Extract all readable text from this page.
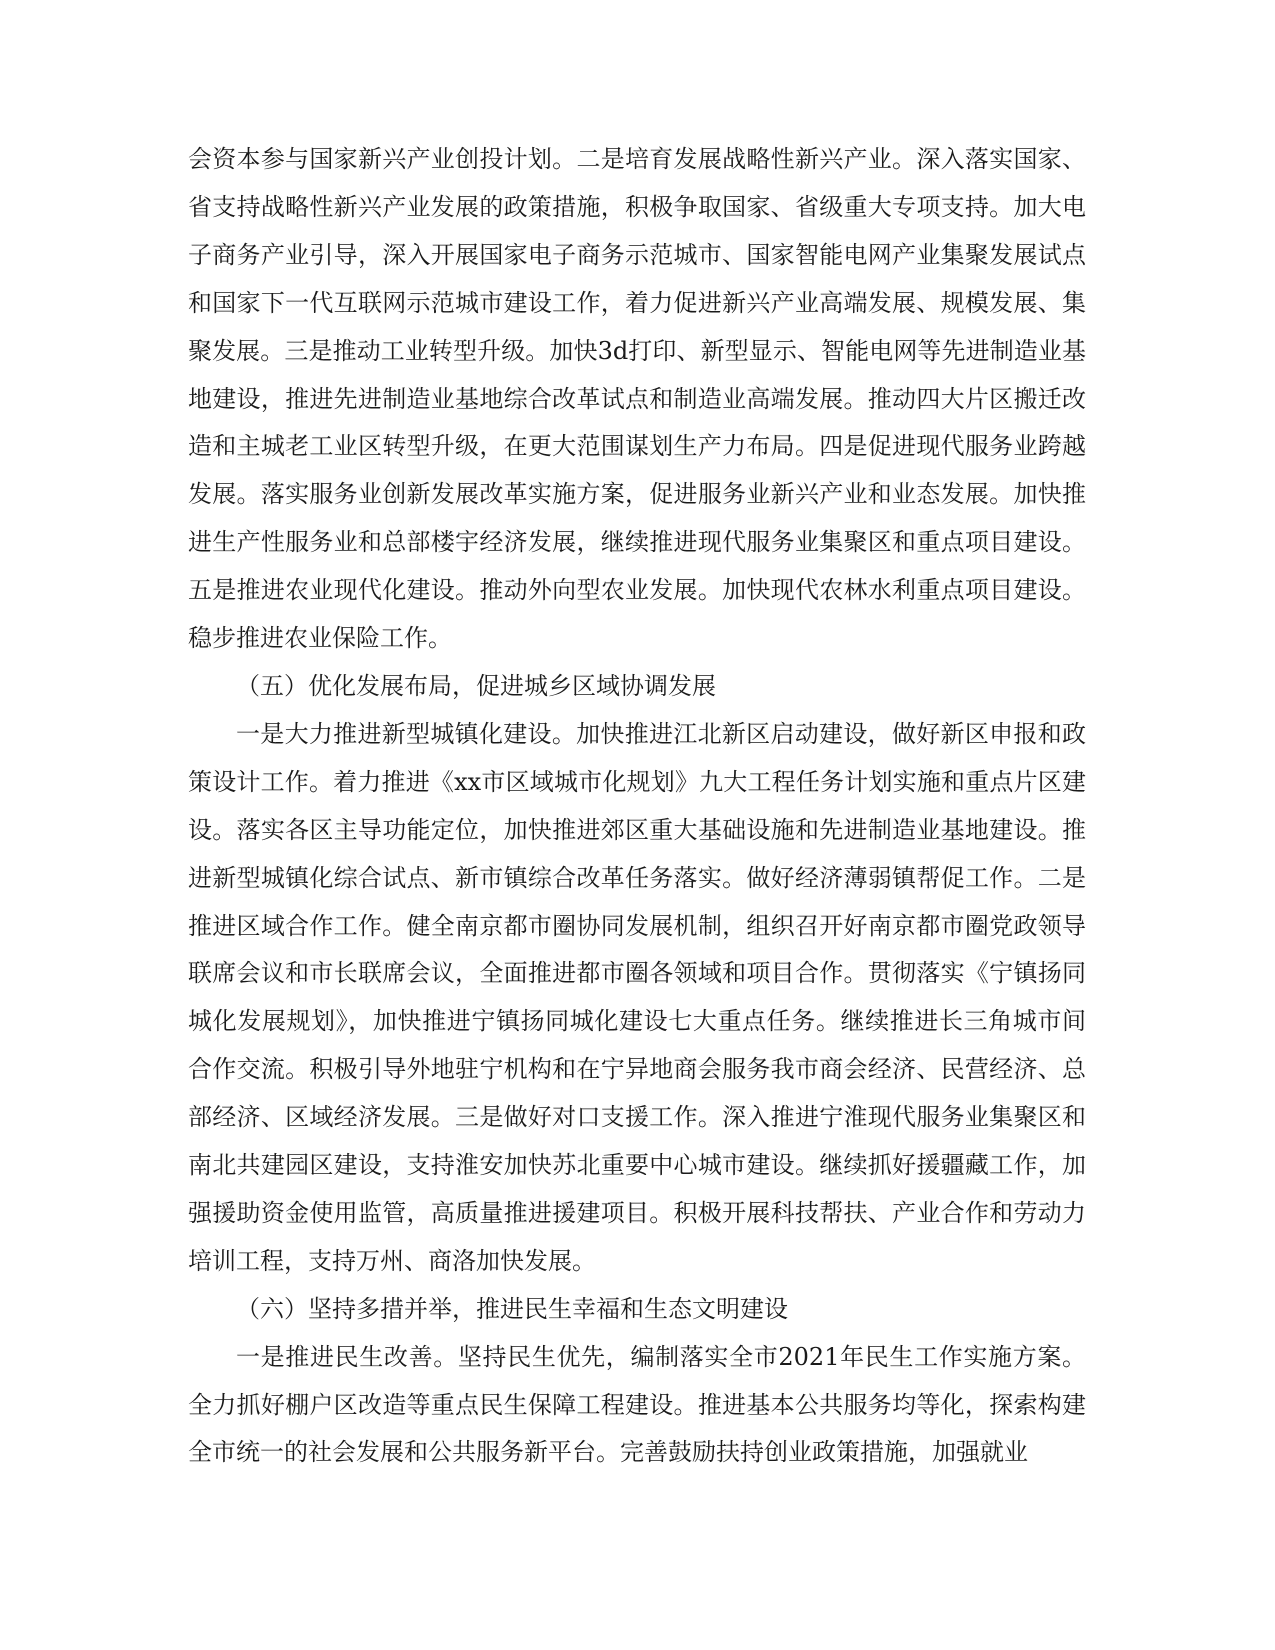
会资本参与国家新兴产业创投计划。二是培育发展战略性新兴产业。深入落实国家、省支持战略性新兴产业发展的政策措施，积极争取国家、省级重大专项支持。加大电子商务产业引导，深入开展国家电子商务示范城市、国家智能电网产业集聚发展试点和国家下一代互联网示范城市建设工作，着力促进新兴产业高端发展、规模发展、集聚发展。三是推动工业转型升级。加快3d打印、新型显示、智能电网等先进制造业基地建设，推进先进制造业基地综合改革试点和制造业高端发展。推动四大片区搬迁改造和主城老工业区转型升级，在更大范围谋划生产力布局。四是促进现代服务业跨越发展。落实服务业创新发展改革实施方案，促进服务业新兴产业和业态发展。加快推进生产性服务业和总部楼宇经济发展，继续推进现代服务业集聚区和重点项目建设。五是推进农业现代化建设。推动外向型农业发展。加快现代农林水利重点项目建设。稳步推进农业保险工作。

（五）优化发展布局，促进城乡区域协调发展

一是大力推进新型城镇化建设。加快推进江北新区启动建设，做好新区申报和政策设计工作。着力推进《xx市区域城市化规划》九大工程任务计划实施和重点片区建设。落实各区主导功能定位，加快推进郊区重大基础设施和先进制造业基地建设。推进新型城镇化综合试点、新市镇综合改革任务落实。做好经济薄弱镇帮促工作。二是推进区域合作工作。健全南京都市圈协同发展机制，组织召开好南京都市圈党政领导联席会议和市长联席会议，全面推进都市圈各领域和项目合作。贯彻落实《宁镇扬同城化发展规划》，加快推进宁镇扬同城化建设七大重点任务。继续推进长三角城市间合作交流。积极引导外地驻宁机构和在宁异地商会服务我市商会经济、民营经济、总部经济、区域经济发展。三是做好对口支援工作。深入推进宁淮现代服务业集聚区和南北共建园区建设，支持淮安加快苏北重要中心城市建设。继续抓好援疆藏工作，加强援助资金使用监管，高质量推进援建项目。积极开展科技帮扶、产业合作和劳动力培训工程，支持万州、商洛加快发展。

（六）坚持多措并举，推进民生幸福和生态文明建设

一是推进民生改善。坚持民生优先，编制落实全市2021年民生工作实施方案。全力抓好棚户区改造等重点民生保障工程建设。推进基本公共服务均等化，探索构建全市统一的社会发展和公共服务新平台。完善鼓励扶持创业政策措施，加强就业
